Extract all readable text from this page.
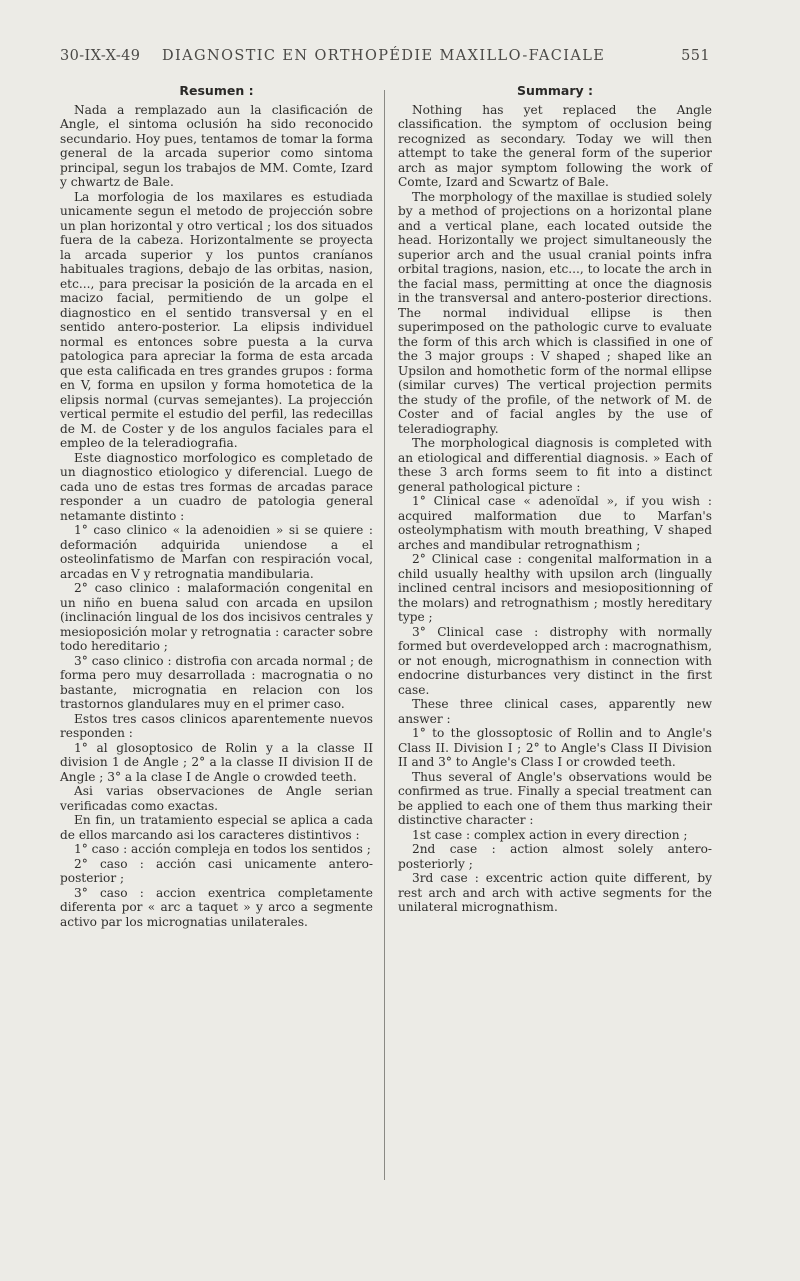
30-IX-X-49 DIAGNOSTIC EN ORTHOPÉDIE MAXILLO-FACIALE	551
Resumen :

Nada a remplazado aun la clasificación de Angle, el sintoma oclusión ha sido reconocido secundario. Hoy pues, tentamos de tomar la forma general de la arcada superior como sintoma principal, segun los trabajos de MM. Comte, Izard y chwartz de Bale.

La morfologia de los maxilares es estudiada unicamente segun el metodo de projección sobre un plan horizontal y otro vertical ; los dos situados fuera de la cabeza. Horizontalmente se proyecta la arcada superior y los puntos craníanos habituales tragions, debajo de las orbitas, nasion, etc..., para precisar la posición de la arcada en el macizo facial, permitiendo de un golpe el diagnostico en el sentido transversal y en el sentido antero-posterior. La elipsis individuel normal es entonces sobre puesta a la curva patologica para apreciar la forma de esta arcada que esta calificada en tres grandes grupos : forma en V, forma en upsilon y forma homotetica de la elipsis normal (curvas semejantes). La projección vertical permite el estudio del perfil, las redecillas de M. de Coster y de los angulos faciales para el empleo de la teleradiografia.

Este diagnostico morfologico es completado de un diagnostico etiologico y diferencial. Luego de cada uno de estas tres formas de arcadas parace responder a un cuadro de patologia general netamante distinto :

1° caso clinico « la adenoidien » si se quiere : deformación adquirida uniendose a el osteolinfatismo de Marfan con respiración vocal, arcadas en V y retrognatia mandibularia.

2° caso clinico : malaformación congenital en un niño en buena salud con arcada en upsilon (inclinación lingual de los dos incisivos centrales y mesioposición molar y retrognatia : caracter sobre todo hereditario ;

3° caso clinico : distrofia con arcada normal ; de forma pero muy desarrollada : macrognatia o no bastante, micrognatia en relacion con los trastornos glandulares muy en el primer caso.

Estos tres casos clinicos aparentemente nuevos responden :

1° al glosoptosico de Rolin y a la classe II division 1 de Angle ; 2° a la classe II division II de Angle ; 3° a la clase I de Angle o crowded teeth.

Asi varias observaciones de Angle serian verificadas como exactas.

En fin, un tratamiento especial se aplica a cada de ellos marcando asi los caracteres distintivos :

1° caso : acción compleja en todos los sentidos ;

2° caso : acción casi unicamente antero-posterior ;

3° caso : accion exentrica completamente diferenta por « arc a taquet » y arco a segmente activo par los micrognatias unilaterales.

Summary :

Nothing has yet replaced the Angle classification. the symptom of occlusion being recognized as secondary. Today we will then attempt to take the general form of the superior arch as major symptom following the work of Comte, Izard and Scwartz of Bale.

The morphology of the maxillae is studied solely by a method of projections on a horizontal plane and a vertical plane, each located outside the head. Horizontally we project simultaneously the superior arch and the usual cranial points infra orbital tragions, nasion, etc..., to locate the arch in the facial mass, permitting at once the diagnosis in the transversal and antero-posterior directions. The normal individual ellipse is then superimposed on the pathologic curve to evaluate the form of this arch which is classified in one of the 3 major groups : V shaped ; shaped like an Upsilon and homothetic form of the normal ellipse (similar curves) The vertical projection permits the study of the profile, of the network of M. de Coster and of facial angles by the use of teleradiography.

The morphological diagnosis is completed with an etiological and differential diagnosis. » Each of these 3 arch forms seem to fit into a distinct general pathological picture :

1° Clinical case « adenoïdal », if you wish : acquired malformation due to Marfan's osteolymphatism with mouth breathing, V shaped arches and mandibular retrognathism ;

2° Clinical case : congenital malformation in a child usually healthy with upsilon arch (lingually inclined central incisors and mesiopositionning of the molars) and retrognathism ; mostly hereditary type ;

3° Clinical case : distrophy with normally formed but overdevelopped arch : macrognathism, or not enough, micrognathism in connection with endocrine disturbances very distinct in the first case.

These three clinical cases, apparently new answer :

1° to the glossoptosic of Rollin and to Angle's Class II. Division I ; 2° to Angle's Class II Division II and 3° to Angle's Class I or crowded teeth.

Thus several of Angle's observations would be confirmed as true. Finally a special treatment can be applied to each one of them thus marking their distinctive character :

1st case : complex action in every direction ;

2nd case : action almost solely antero-posteriorly ;

3rd case : excentric action quite different, by rest arch and arch with active segments for the unilateral micrognathism.
